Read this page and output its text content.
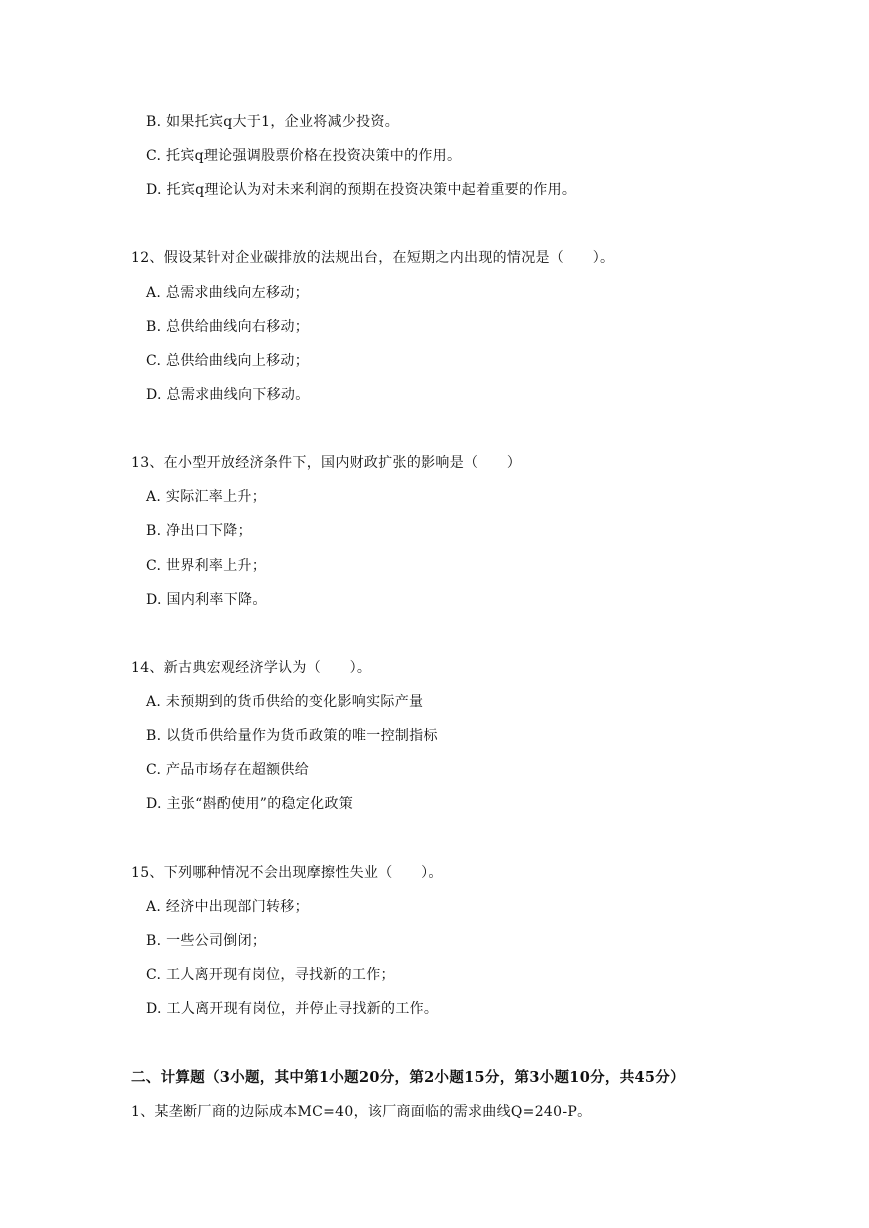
B. 如果托宾q大于1，企业将减少投资。
C. 托宾q理论强调股票价格在投资决策中的作用。
D. 托宾q理论认为对未来利润的预期在投资决策中起着重要的作用。
12、假设某针对企业碳排放的法规出台，在短期之内出现的情况是（　　）。
A. 总需求曲线向左移动；
B. 总供给曲线向右移动；
C. 总供给曲线向上移动；
D. 总需求曲线向下移动。
13、在小型开放经济条件下，国内财政扩张的影响是（　　）
A. 实际汇率上升；
B. 净出口下降；
C. 世界利率上升；
D. 国内利率下降。
14、新古典宏观经济学认为（　　）。
A. 未预期到的货币供给的变化影响实际产量
B. 以货币供给量作为货币政策的唯一控制指标
C. 产品市场存在超额供给
D. 主张“斟酌使用”的稳定化政策
15、下列哪种情况不会出现摩擦性失业（　　）。
A. 经济中出现部门转移；
B. 一些公司倒闭；
C. 工人离开现有岗位，寻找新的工作；
D. 工人离开现有岗位，并停止寻找新的工作。
二、计算题（3小题，其中第1小题20分，第2小题15分，第3小题10分，共45分）
1、某垄断厂商的边际成本MC=40，该厂商面临的需求曲线Q=240-P。
